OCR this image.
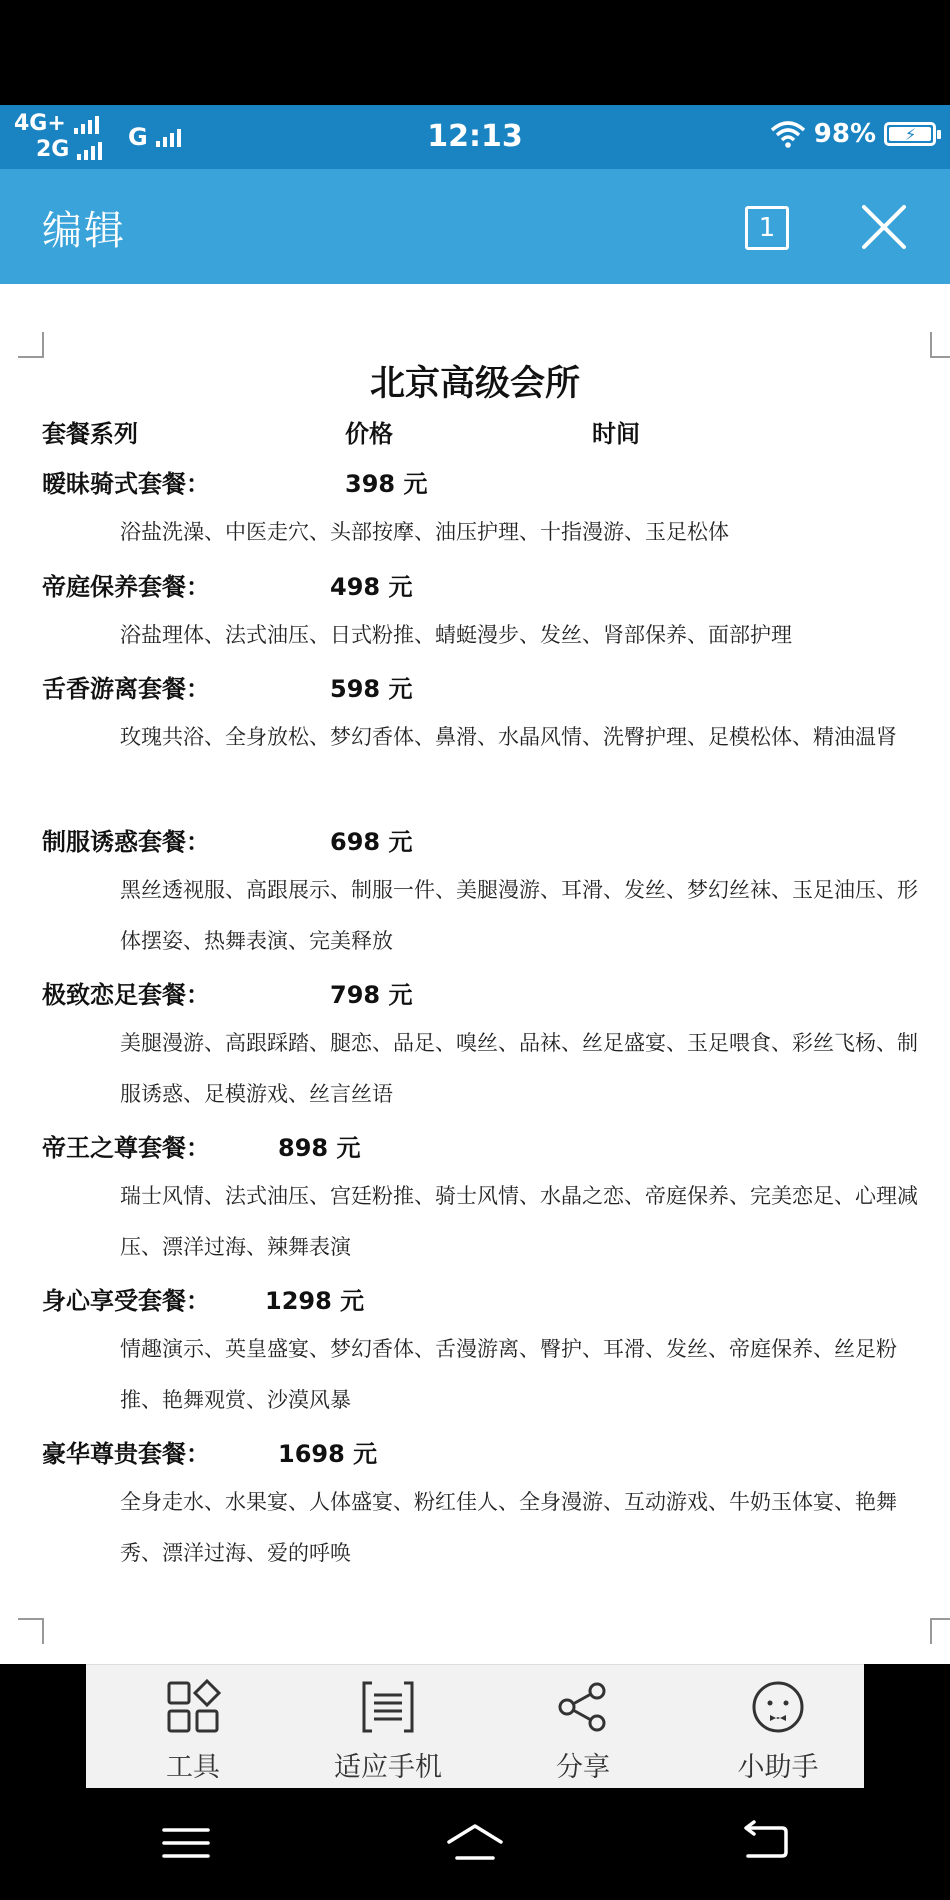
4G+
2G G	12:13	98% ⚡
编辑	1
北京高级会所
套餐系列	价格	时间
暧昧骑式套餐：	398 元
浴盐洗澡、中医走穴、头部按摩、油压护理、十指漫游、玉足松体
帝庭保养套餐：	498 元
浴盐理体、法式油压、日式粉推、蜻蜓漫步、发丝、肾部保养、面部护理
舌香游离套餐：	598 元
玫瑰共浴、全身放松、梦幻香体、鼻滑、水晶风情、洗臀护理、足模松体、精油温肾
制服诱惑套餐：	698 元
黑丝透视服、高跟展示、制服一件、美腿漫游、耳滑、发丝、梦幻丝袜、玉足油压、形体摆姿、热舞表演、完美释放
极致恋足套餐：	798 元
美腿漫游、高跟踩踏、腿恋、品足、嗅丝、品袜、丝足盛宴、玉足喂食、彩丝飞杨、制服诱惑、足模游戏、丝言丝语
帝王之尊套餐：	898 元
瑞士风情、法式油压、宫廷粉推、骑士风情、水晶之恋、帝庭保养、完美恋足、心理减压、漂洋过海、辣舞表演
身心享受套餐： 1298 元
情趣演示、英皇盛宴、梦幻香体、舌漫游离、臀护、耳滑、发丝、帝庭保养、丝足粉推、艳舞观赏、沙漠风暴
豪华尊贵套餐：	1698 元
全身走水、水果宴、人体盛宴、粉红佳人、全身漫游、互动游戏、牛奶玉体宴、艳舞秀、漂洋过海、爱的呼唤
工具	适应手机	分享	小助手
